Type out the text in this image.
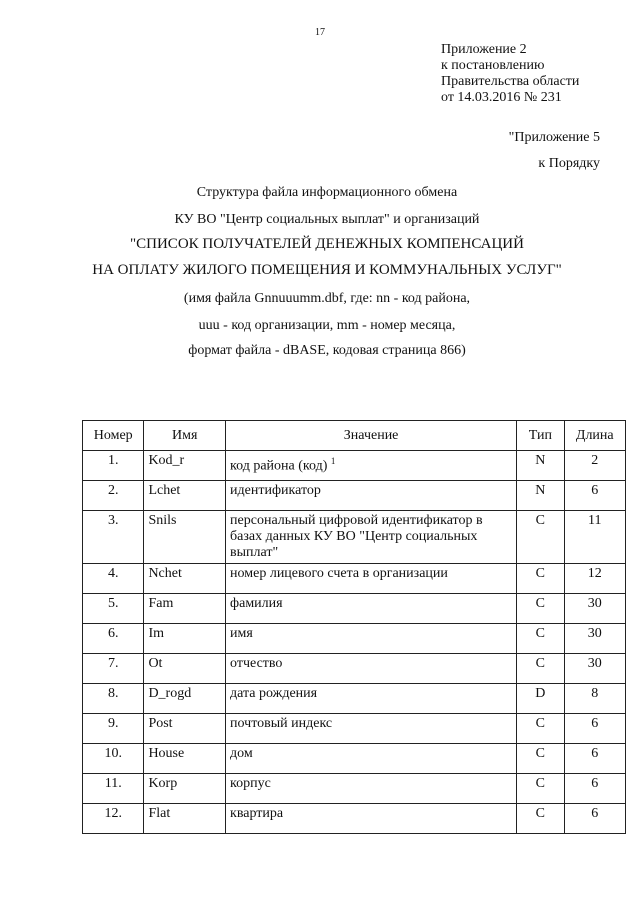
17
Приложение 2
к постановлению
Правительства области
от 14.03.2016 № 231
"Приложение 5
к Порядку
Структура файла информационного обмена
КУ ВО "Центр социальных выплат" и организаций
"СПИСОК ПОЛУЧАТЕЛЕЙ ДЕНЕЖНЫХ КОМПЕНСАЦИЙ
НА ОПЛАТУ ЖИЛОГО ПОМЕЩЕНИЯ И КОММУНАЛЬНЫХ УСЛУГ"
(имя файла Gnnuuumm.dbf, где: nn - код района,
uuu - код организации, mm - номер месяца,
формат файла - dBASE, кодовая страница 866)
Номер	Имя	Значение	Тип	Длина
1.	Kod_r	код района (код) $^1$	N	2
2.	Lchet	идентификатор	N	6
3.	Snils	персональный цифровой идентификатор в базах данных КУ ВО "Центр социальных выплат"	C	11
4.	Nchet	номер лицевого счета в организации	C	12
5.	Fam	фамилия	C	30
6.	Im	имя	C	30
7.	Ot	отчество	C	30
8.	D_rogd	дата рождения	D	8
9.	Post	почтовый индекс	C	6
10.	House	дом	C	6
11.	Korp	корпус	C	6
12.	Flat	квартира	C	6
